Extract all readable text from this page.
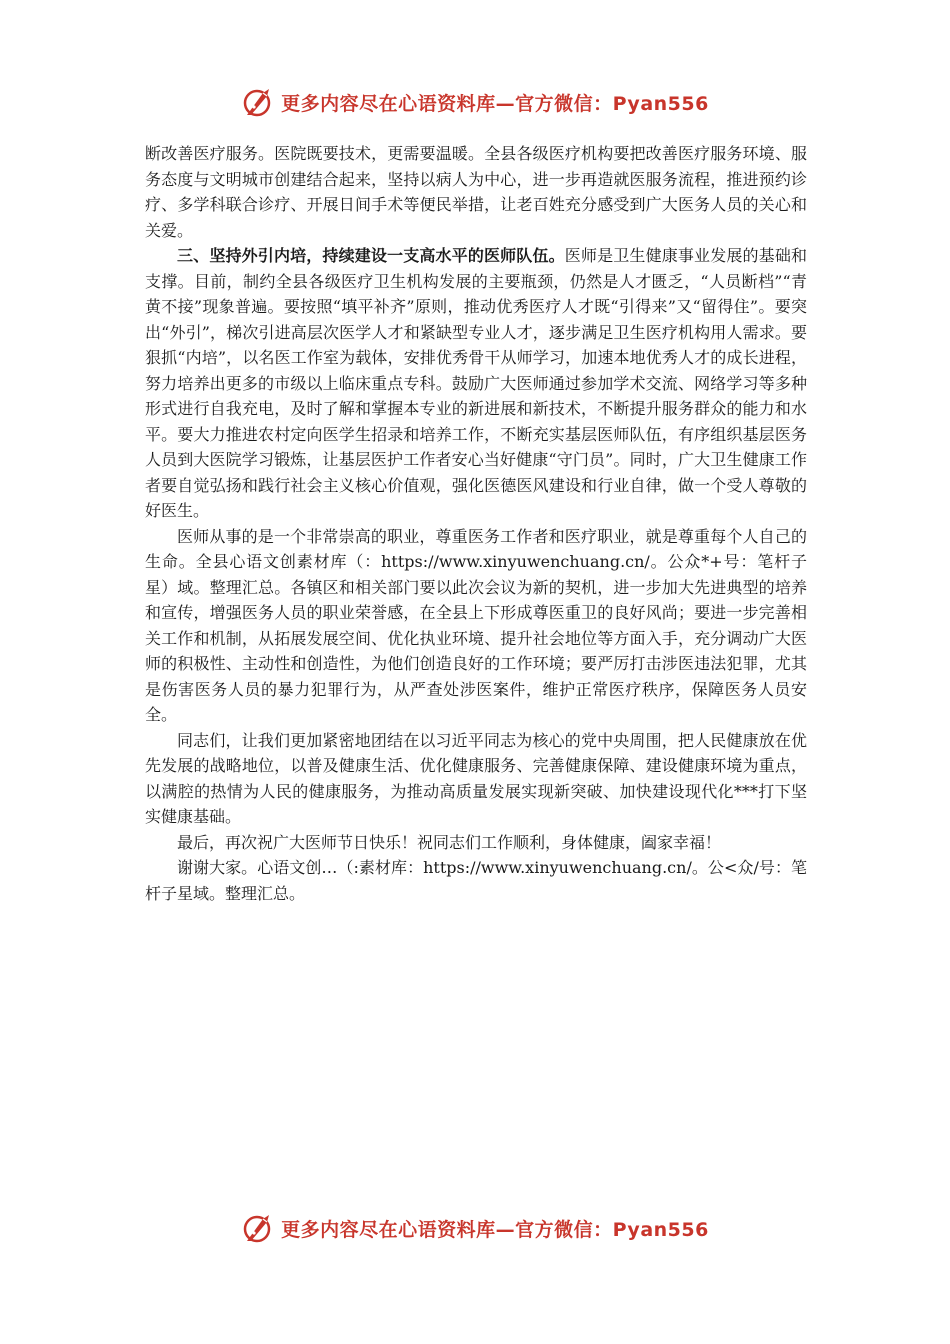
更多内容尽在心语资料库—官方微信：Pyan556

断改善医疗服务。医院既要技术，更需要温暖。全县各级医疗机构要把改善医疗服务环境、服务态度与文明城市创建结合起来，坚持以病人为中心，进一步再造就医服务流程，推进预约诊疗、多学科联合诊疗、开展日间手术等便民举措，让老百姓充分感受到广大医务人员的关心和关爱。

三、坚持外引内培，持续建设一支高水平的医师队伍。医师是卫生健康事业发展的基础和支撑。目前，制约全县各级医疗卫生机构发展的主要瓶颈，仍然是人才匮乏，“人员断档”“青黄不接”现象普遍。要按照“填平补齐”原则，推动优秀医疗人才既“引得来”又“留得住”。要突出“外引”，梯次引进高层次医学人才和紧缺型专业人才，逐步满足卫生医疗机构用人需求。要狠抓“内培”，以名医工作室为载体，安排优秀骨干从师学习，加速本地优秀人才的成长进程，努力培养出更多的市级以上临床重点专科。鼓励广大医师通过参加学术交流、网络学习等多种形式进行自我充电，及时了解和掌握本专业的新进展和新技术，不断提升服务群众的能力和水平。要大力推进农村定向医学生招录和培养工作，不断充实基层医师队伍，有序组织基层医务人员到大医院学习锻炼，让基层医护工作者安心当好健康“守门员”。同时，广大卫生健康工作者要自觉弘扬和践行社会主义核心价值观，强化医德医风建设和行业自律，做一个受人尊敬的好医生。

医师从事的是一个非常崇高的职业，尊重医务工作者和医疗职业，就是尊重每个人自己的生命。全县心语文创素材库（：https://www.xinyuwenchuang.cn/。公众*+号：笔杆子星）域。整理汇总。各镇区和相关部门要以此次会议为新的契机，进一步加大先进典型的培养和宣传，增强医务人员的职业荣誉感，在全县上下形成尊医重卫的良好风尚；要进一步完善相关工作和机制，从拓展发展空间、优化执业环境、提升社会地位等方面入手，充分调动广大医师的积极性、主动性和创造性，为他们创造良好的工作环境；要严厉打击涉医违法犯罪，尤其是伤害医务人员的暴力犯罪行为，从严查处涉医案件，维护正常医疗秩序，保障医务人员安全。

同志们，让我们更加紧密地团结在以习近平同志为核心的党中央周围，把人民健康放在优先发展的战略地位，以普及健康生活、优化健康服务、完善健康保障、建设健康环境为重点，以满腔的热情为人民的健康服务，为推动高质量发展实现新突破、加快建设现代化***打下坚实健康基础。

最后，再次祝广大医师节日快乐！祝同志们工作顺利，身体健康，阖家幸福！

谢谢大家。心语文创…（:素材库：https://www.xinyuwenchuang.cn/。公<众/号：笔杆子星域。整理汇总。

更多内容尽在心语资料库—官方微信：Pyan556
